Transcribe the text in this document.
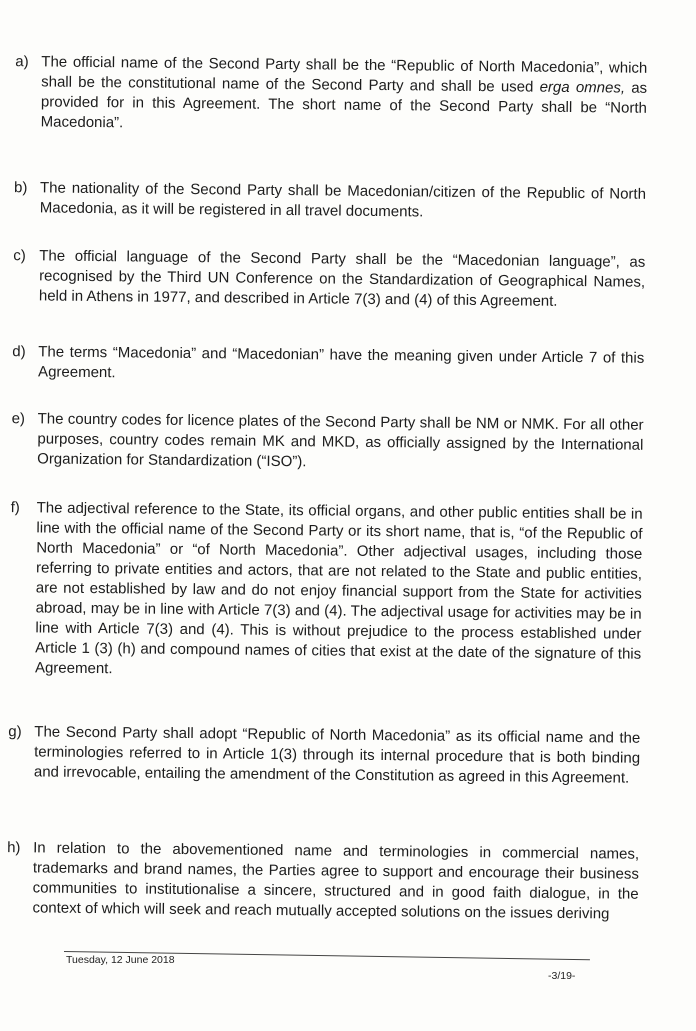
a) The official name of the Second Party shall be the “Republic of North Macedonia”, which shall be the constitutional name of the Second Party and shall be used erga omnes, as provided for in this Agreement. The short name of the Second Party shall be “North Macedonia”.
b) The nationality of the Second Party shall be Macedonian/citizen of the Republic of North Macedonia, as it will be registered in all travel documents.
c) The official language of the Second Party shall be the “Macedonian language”, as recognised by the Third UN Conference on the Standardization of Geographical Names, held in Athens in 1977, and described in Article 7(3) and (4) of this Agreement.
d) The terms “Macedonia” and “Macedonian” have the meaning given under Article 7 of this Agreement.
e) The country codes for licence plates of the Second Party shall be NM or NMK. For all other purposes, country codes remain MK and MKD, as officially assigned by the International Organization for Standardization (“ISO”).
f)	The adjectival reference to the State, its official organs, and other public entities shall be in line with the official name of the Second Party or its short name, that is, “of the Republic of North Macedonia” or “of North Macedonia”. Other adjectival usages, including those referring to private entities and actors, that are not related to the State and public entities, are not established by law and do not enjoy financial support from the State for activities abroad, may be in line with Article 7(3) and (4). The adjectival usage for activities may be in line with Article 7(3) and (4). This is without prejudice to the process established under Article 1 (3) (h) and compound names of cities that exist at the date of the signature of this Agreement.
g) The Second Party shall adopt “Republic of North Macedonia” as its official name and the terminologies referred to in Article 1(3) through its internal procedure that is both binding and irrevocable, entailing the amendment of the Constitution as agreed in this Agreement.
h) In relation to the abovementioned name and terminologies in commercial names, trademarks and brand names, the Parties agree to support and encourage their business communities to institutionalise a sincere, structured and in good faith dialogue, in the context of which will seek and reach mutually accepted solutions on the issues deriving
Tuesday, 12 June 2018
-3/19-
